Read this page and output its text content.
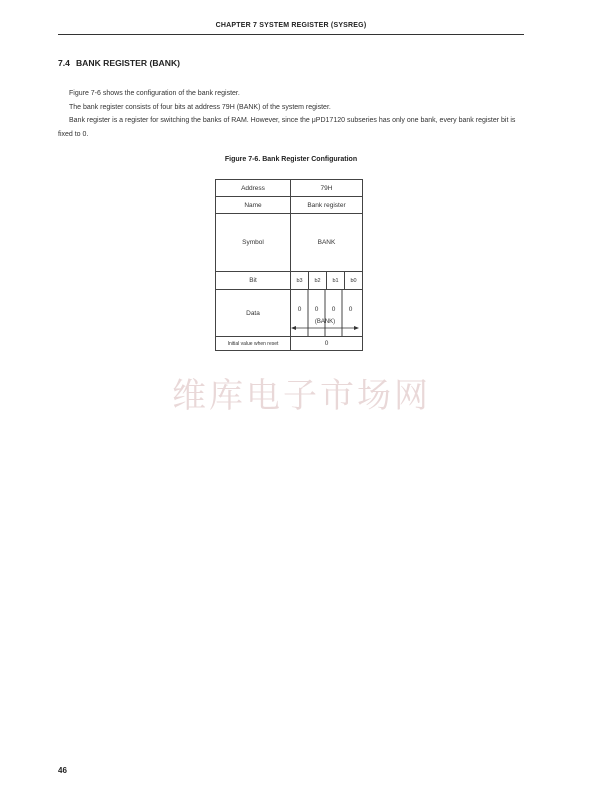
CHAPTER 7 SYSTEM REGISTER (SYSREG)
7.4 BANK REGISTER (BANK)

Figure 7-6 shows the configuration of the bank register.

The bank register consists of four bits at address 79H (BANK) of the system register.

Bank register is a register for switching the banks of RAM. However, since the μPD17120 subseries has only one bank, every bank register bit is fixed to 0.

Figure 7-6. Bank Register Configuration
Address	79H			
Name	Bank register			
Symbol	BANK			
Bit	b3	b2	b1	b0
Data	0 0 0 0
(BANK)			

Initial value when reset	0			
维库电子市场网
46
